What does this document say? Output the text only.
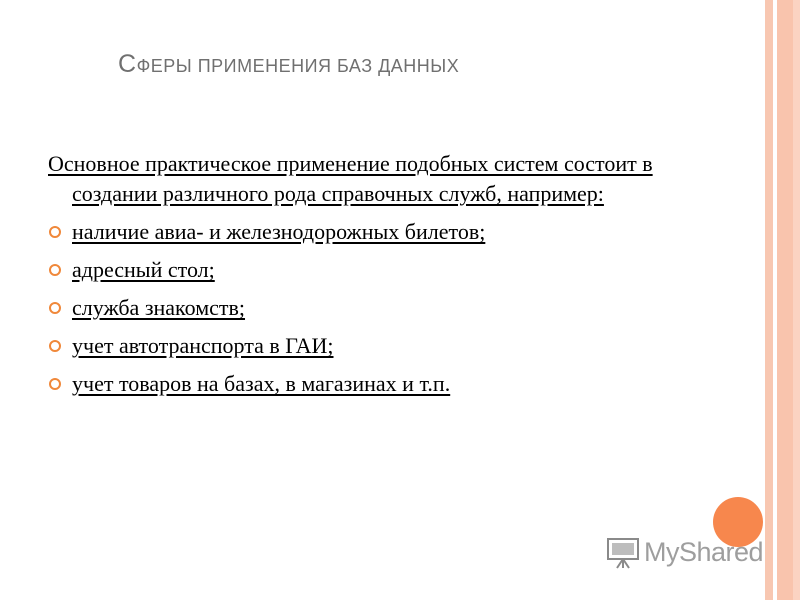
СФЕРЫ ПРИМЕНЕНИЯ БАЗ ДАННЫХ
Основное практическое применение подобных систем состоит в создании различного рода справочных служб, например:
наличие авиа- и железнодорожных билетов;
адресный стол;
служба знакомств;
учет автотранспорта в ГАИ;
учет товаров на базах, в магазинах и т.п.
MyShared
